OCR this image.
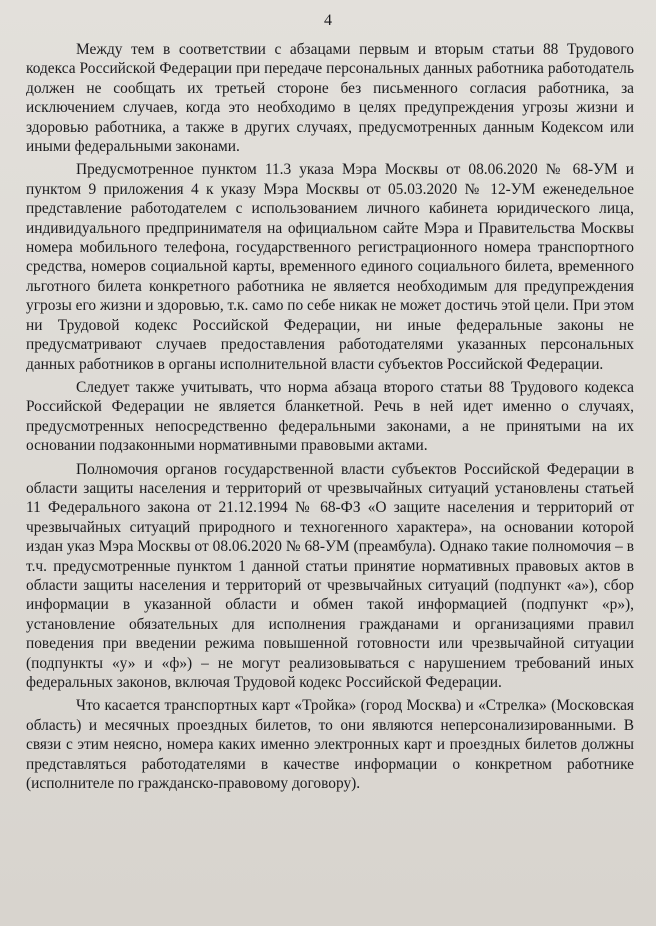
4

Между тем в соответствии с абзацами первым и вторым статьи 88 Трудового кодекса Российской Федерации при передаче персональных данных работника работодатель должен не сообщать их третьей стороне без письменного согласия работника, за исключением случаев, когда это необходимо в целях предупреждения угрозы жизни и здоровью работника, а также в других случаях, предусмотренных данным Кодексом или иными федеральными законами.

Предусмотренное пунктом 11.3 указа Мэра Москвы от 08.06.2020 № 68-УМ и пунктом 9 приложения 4 к указу Мэра Москвы от 05.03.2020 № 12-УМ еженедельное представление работодателем с использованием личного кабинета юридического лица, индивидуального предпринимателя на официальном сайте Мэра и Правительства Москвы номера мобильного телефона, государственного регистрационного номера транспортного средства, номеров социальной карты, временного единого социального билета, временного льготного билета конкретного работника не является необходимым для предупреждения угрозы его жизни и здоровью, т.к. само по себе никак не может достичь этой цели. При этом ни Трудовой кодекс Российской Федерации, ни иные федеральные законы не предусматривают случаев предоставления работодателями указанных персональных данных работников в органы исполнительной власти субъектов Российской Федерации.

Следует также учитывать, что норма абзаца второго статьи 88 Трудового кодекса Российской Федерации не является бланкетной. Речь в ней идет именно о случаях, предусмотренных непосредственно федеральными законами, а не принятыми на их основании подзаконными нормативными правовыми актами.

Полномочия органов государственной власти субъектов Российской Федерации в области защиты населения и территорий от чрезвычайных ситуаций установлены статьей 11 Федерального закона от 21.12.1994 № 68-ФЗ «О защите населения и территорий от чрезвычайных ситуаций природного и техногенного характера», на основании которой издан указ Мэра Москвы от 08.06.2020 № 68-УМ (преамбула). Однако такие полномочия – в т.ч. предусмотренные пунктом 1 данной статьи принятие нормативных правовых актов в области защиты населения и территорий от чрезвычайных ситуаций (подпункт «а»), сбор информации в указанной области и обмен такой информацией (подпункт «р»), установление обязательных для исполнения гражданами и организациями правил поведения при введении режима повышенной готовности или чрезвычайной ситуации (подпункты «у» и «ф») – не могут реализовываться с нарушением требований иных федеральных законов, включая Трудовой кодекс Российской Федерации.

Что касается транспортных карт «Тройка» (город Москва) и «Стрелка» (Московская область) и месячных проездных билетов, то они являются неперсонализированными. В связи с этим неясно, номера каких именно электронных карт и проездных билетов должны представляться работодателями в качестве информации о конкретном работнике (исполнителе по гражданско-правовому договору).
